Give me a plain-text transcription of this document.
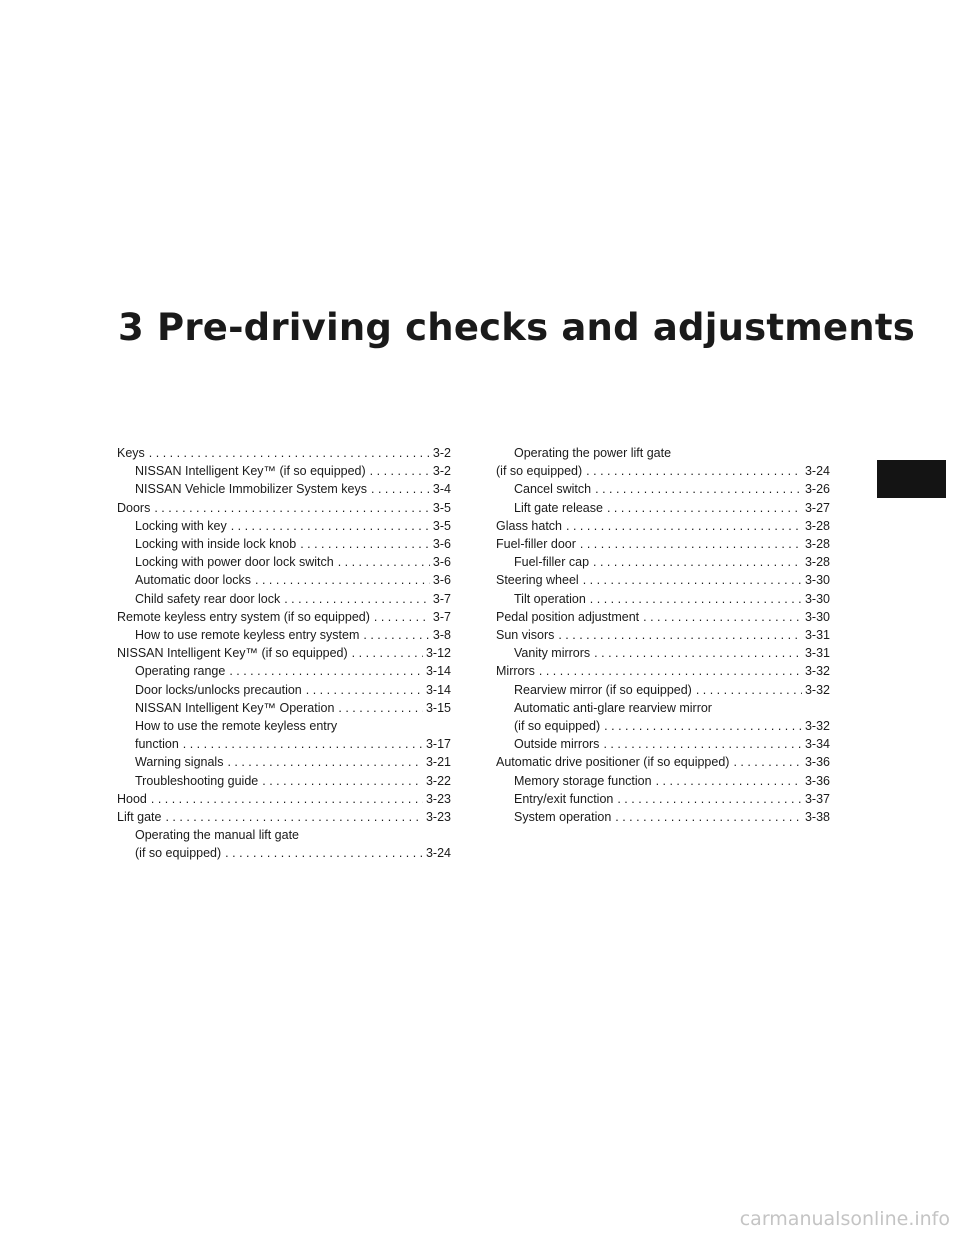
3 Pre-driving checks and adjustments
Keys . . .	3-2
NISSAN Intelligent Key™ (if so equipped) . . .	3-2
NISSAN Vehicle Immobilizer System keys . . .	3-4
Doors . . .	3-5
Locking with key . . .	3-5
Locking with inside lock knob . . .	3-6
Locking with power door lock switch . . .	3-6
Automatic door locks . . .	3-6
Child safety rear door lock . . .	3-7
Remote keyless entry system (if so equipped) . . .	3-7
How to use remote keyless entry system . . .	3-8
NISSAN Intelligent Key™ (if so equipped) . . .	3-12
Operating range . . .	3-14
Door locks/unlocks precaution . . .	3-14
NISSAN Intelligent Key™ Operation . . .	3-15
How to use the remote keyless entry
function . . .	3-17
Warning signals . . .	3-21
Troubleshooting guide . . .	3-22
Hood . . .	3-23
Lift gate . . .	3-23
Operating the manual lift gate
(if so equipped) . . .	3-24
Operating the power lift gate
(if so equipped) . . .	3-24
Cancel switch . . .	3-26
Lift gate release . . .	3-27
Glass hatch . . .	3-28
Fuel-filler door . . .	3-28
Fuel-filler cap . . .	3-28
Steering wheel . . .	3-30
Tilt operation . . .	3-30
Pedal position adjustment . . .	3-30
Sun visors . . .	3-31
Vanity mirrors . . .	3-31
Mirrors . . .	3-32
Rearview mirror (if so equipped) . . .	3-32
Automatic anti-glare rearview mirror
(if so equipped) . . .	3-32
Outside mirrors . . .	3-34
Automatic drive positioner (if so equipped) . . .	3-36
Memory storage function . . .	3-36
Entry/exit function . . .	3-37
System operation . . .	3-38
carmanualsonline.info
